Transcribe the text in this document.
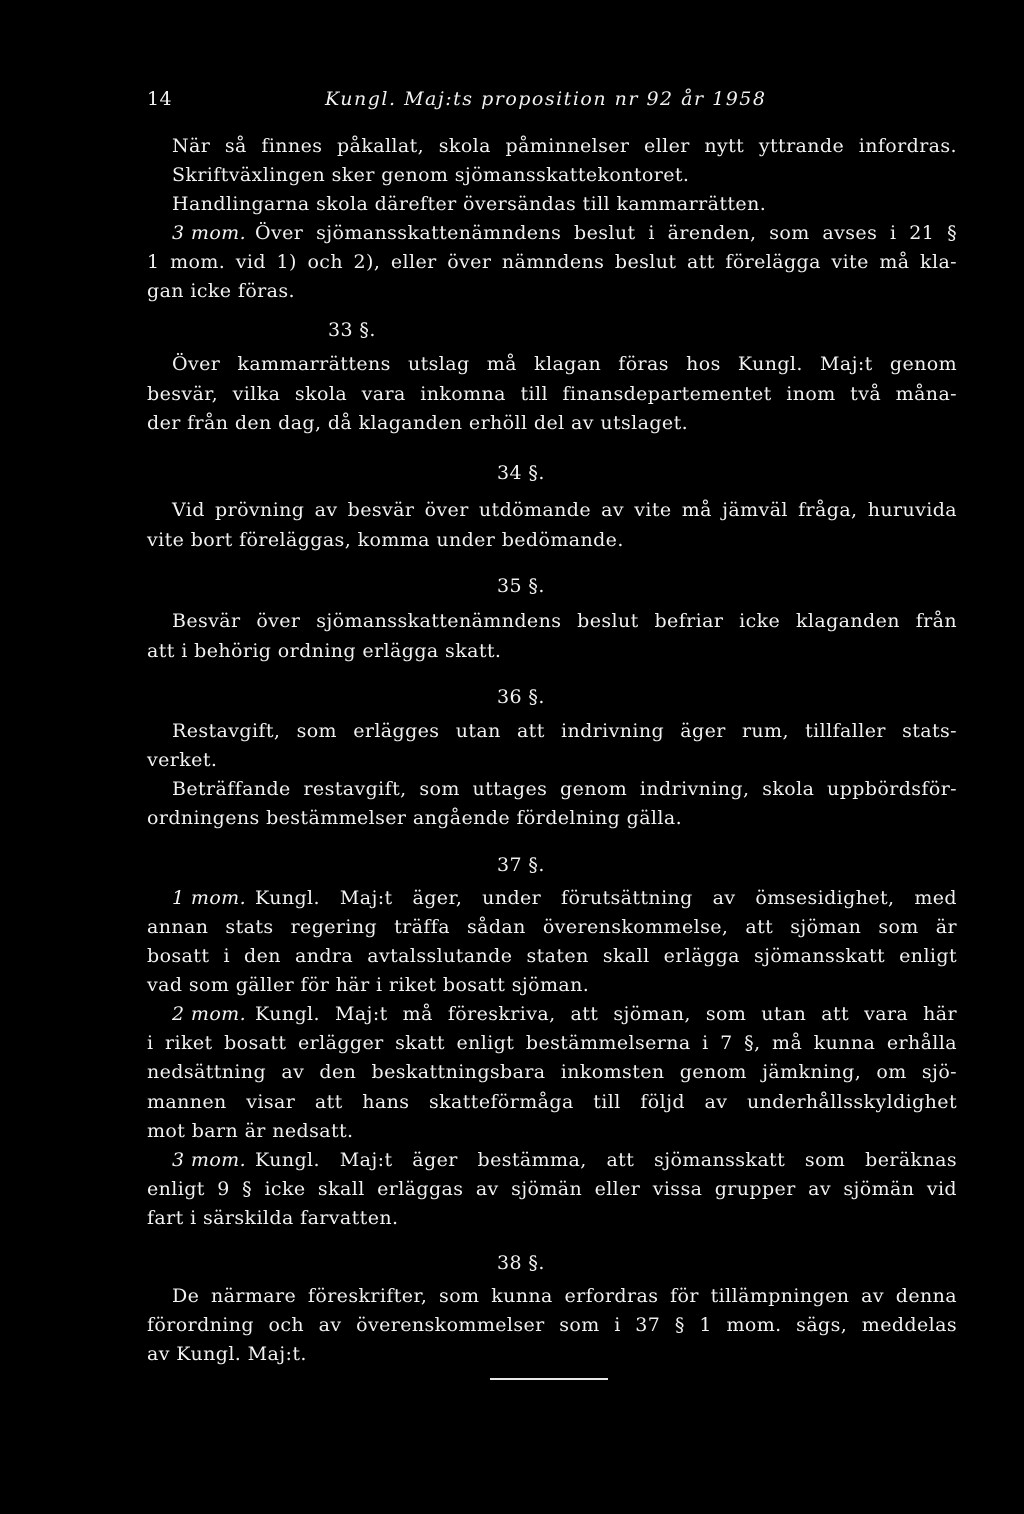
14	Kungl. Maj:ts proposition nr 92 år 1958
När så finnes påkallat, skola påminnelser eller nytt yttrande infordras.
Skriftväxlingen sker genom sjömansskattekontoret.
Handlingarna skola därefter översändas till kammarrätten.
3 mom. Över sjömansskattenämndens beslut i ärenden, som avses i 21 §
1 mom. vid 1) och 2), eller över nämndens beslut att förelägga vite må kla-
gan icke föras.
33 §.
Över kammarrättens utslag må klagan föras hos Kungl. Maj:t genom
besvär, vilka skola vara inkomna till finansdepartementet inom två måna-
der från den dag, då klaganden erhöll del av utslaget.
34 §.
Vid prövning av besvär över utdömande av vite må jämväl fråga, huruvida
vite bort föreläggas, komma under bedömande.
35 §.
Besvär över sjömansskattenämndens beslut befriar icke klaganden från
att i behörig ordning erlägga skatt.
36 §.
Restavgift, som erlägges utan att indrivning äger rum, tillfaller stats-
verket.
Beträffande restavgift, som uttages genom indrivning, skola uppbördsför-
ordningens bestämmelser angående fördelning gälla.
37 §.
1 mom. Kungl. Maj:t äger, under förutsättning av ömsesidighet, med
annan stats regering träffa sådan överenskommelse, att sjöman som är
bosatt i den andra avtalsslutande staten skall erlägga sjömansskatt enligt
vad som gäller för här i riket bosatt sjöman.
2 mom. Kungl. Maj:t må föreskriva, att sjöman, som utan att vara här
i riket bosatt erlägger skatt enligt bestämmelserna i 7 §, må kunna erhålla
nedsättning av den beskattningsbara inkomsten genom jämkning, om sjö-
mannen visar att hans skatteförmåga till följd av underhållsskyldighet
mot barn är nedsatt.
3 mom. Kungl. Maj:t äger bestämma, att sjömansskatt som beräknas
enligt 9 § icke skall erläggas av sjömän eller vissa grupper av sjömän vid
fart i särskilda farvatten.
38 §.
De närmare föreskrifter, som kunna erfordras för tillämpningen av denna
förordning och av överenskommelser som i 37 § 1 mom. sägs, meddelas
av Kungl. Maj:t.
